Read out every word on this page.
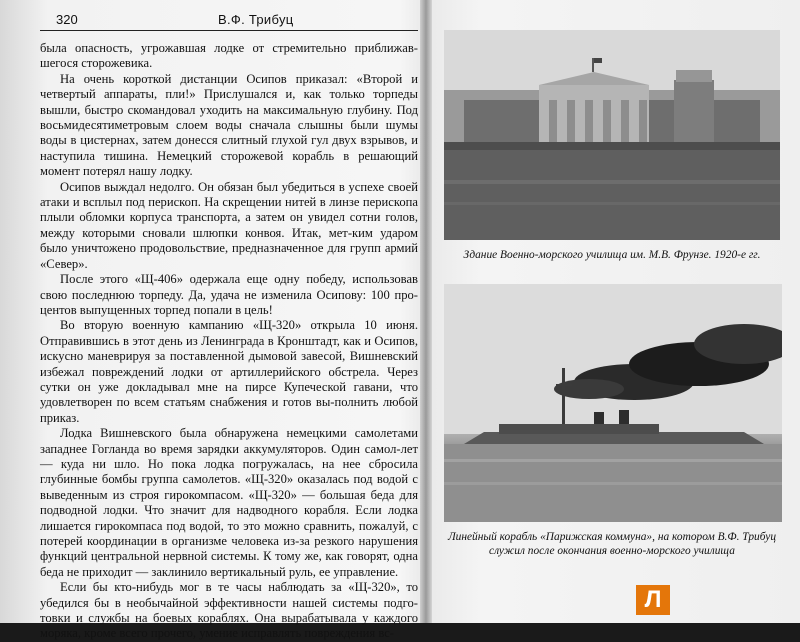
320	В.Ф. Трибуц

была опасность, угрожавшая лодке от стремительно приближав-шегося сторожевика.

На очень короткой дистанции Осипов приказал: «Второй и четвертый аппараты, пли!» Прислушался и, как только торпеды вышли, быстро скомандовал уходить на максимальную глубину. Под восьмидесятиметровым слоем воды сначала слышны были шумы воды в цистернах, затем донесся слитный глухой гул двух взрывов, и наступила тишина. Немецкий сторожевой корабль в решающий момент потерял нашу лодку.

Осипов выждал недолго. Он обязан был убедиться в успехе своей атаки и всплыл под перископ. На скрещении нитей в линзе перископа плыли обломки корпуса транспорта, а затем он увидел сотни голов, между которыми сновали шлюпки конвоя. Итак, мет-ким ударом было уничтожено продовольствие, предназначенное для групп армий «Север».

После этого «Щ-406» одержала еще одну победу, использовав свою последнюю торпеду. Да, удача не изменила Осипову: 100 про-центов выпущенных торпед попали в цель!

Во вторую военную кампанию «Щ-320» открыла 10 июня. Отправившись в этот день из Ленинграда в Кронштадт, как и Осипов, искусно маневрируя за поставленной дымовой завесой, Вишневский избежал повреждений лодки от артиллерийского обстрела. Через сутки он уже докладывал мне на пирсе Купеческой гавани, что удовлетворен по всем статьям снабжения и готов вы-полнить любой приказ.

Лодка Вишневского была обнаружена немецкими самолетами западнее Гогланда во время зарядки аккумуляторов. Один самол-лет — куда ни шло. Но пока лодка погружалась, на нее сбросила глубинные бомбы группа самолетов. «Щ-320» оказалась под водой с выведенным из строя гирокомпасом. «Щ-320» — большая беда для подводной лодки. Что значит для надводного корабля. Если лодка лишается гирокомпаса под водой, то это можно сравнить, пожалуй, с потерей координации в организме человека из-за резкого нарушения функций центральной нервной системы. К тому же, как говорят, одна беда не приходит — заклинило вертикальный руль, ее управление.

Если бы кто-нибудь мог в те часы наблюдать за «Щ-320», то убедился бы в необычайной эффективности нашей системы подго-товки и службы на боевых кораблях. Она вырабатывала у каждого моряка, кроме всего прочего, умение исправлять повреждения вс-

Здание Военно-морского училища им. М.В. Фрунзе. 1920-е гг.
Линейный корабль «Парижская коммуна», на котором В.Ф. Трибуц
служил после окончания военно-морского училища
Л
